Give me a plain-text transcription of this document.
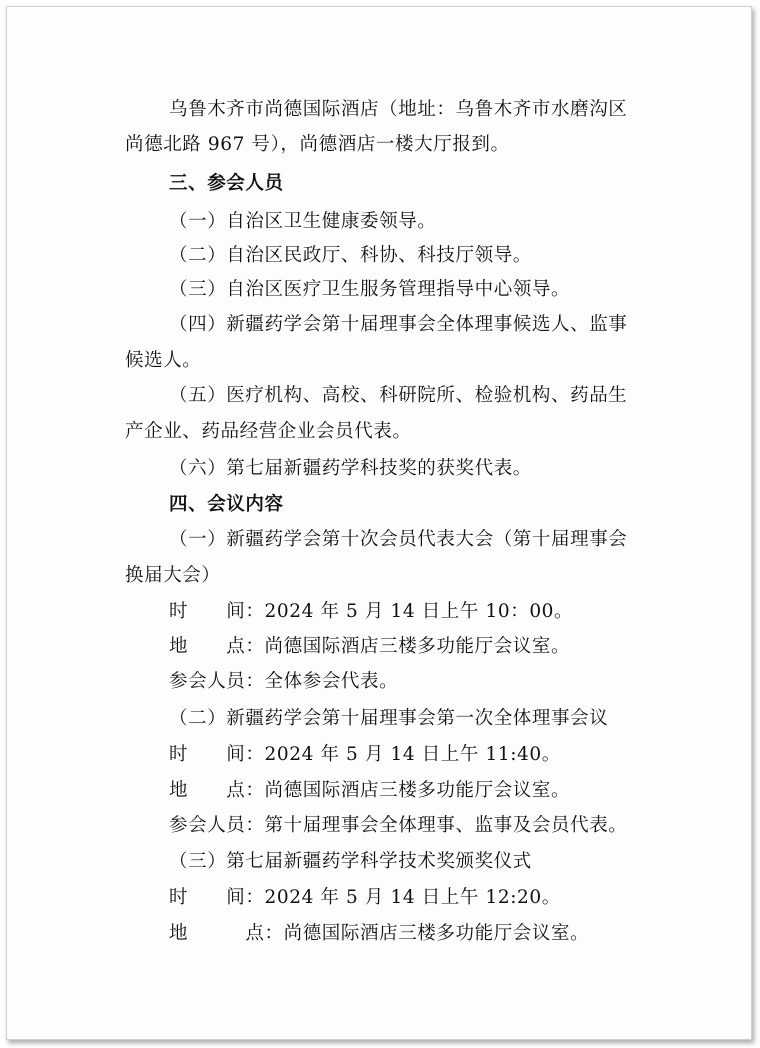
乌鲁木齐市尚德国际酒店（地址：乌鲁木齐市水磨沟区
尚德北路 967 号），尚德酒店一楼大厅报到。
三、参会人员
（一）自治区卫生健康委领导。
（二）自治区民政厅、科协、科技厅领导。
（三）自治区医疗卫生服务管理指导中心领导。
（四）新疆药学会第十届理事会全体理事候选人、监事
候选人。
（五）医疗机构、高校、科研院所、检验机构、药品生
产企业、药品经营企业会员代表。
（六）第七届新疆药学科技奖的获奖代表。
四、会议内容
（一）新疆药学会第十次会员代表大会（第十届理事会
换届大会）
时　　间：2024 年 5 月 14 日上午 10：00。
地　　点：尚德国际酒店三楼多功能厅会议室。
参会人员：全体参会代表。
（二）新疆药学会第十届理事会第一次全体理事会议
时　　间：2024 年 5 月 14 日上午 11:40。
地　　点：尚德国际酒店三楼多功能厅会议室。
参会人员：第十届理事会全体理事、监事及会员代表。
（三）第七届新疆药学科学技术奖颁奖仪式
时　　间：2024 年 5 月 14 日上午 12:20。
地　　　点：尚德国际酒店三楼多功能厅会议室。
